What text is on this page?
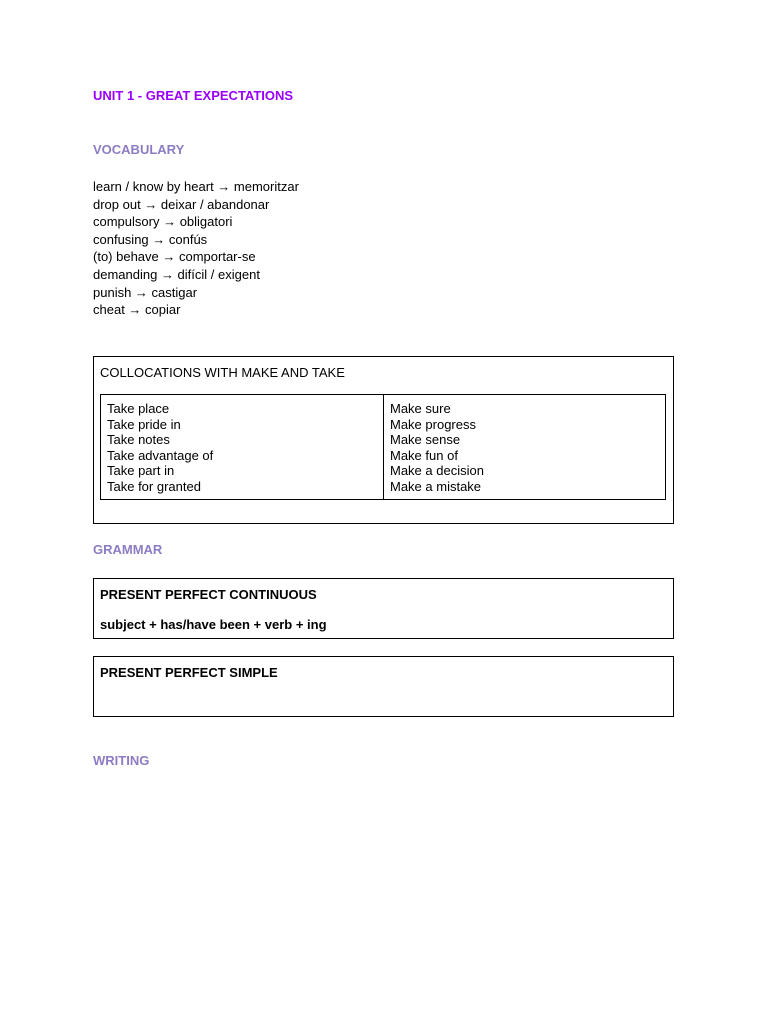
UNIT 1 - GREAT EXPECTATIONS
VOCABULARY
learn / know by heart → memoritzar
drop out → deixar / abandonar
compulsory → obligatori
confusing → confús
(to) behave → comportar-se
demanding → difícil / exigent
punish → castigar
cheat → copiar
COLLOCATIONS WITH MAKE AND TAKE
Take place
Take pride in
Take notes
Take advantage of
Take part in
Take for granted
Make sure
Make progress
Make sense
Make fun of
Make a decision
Make a mistake
GRAMMAR
PRESENT PERFECT CONTINUOUS
subject + has/have been + verb + ing
PRESENT PERFECT SIMPLE
WRITING
